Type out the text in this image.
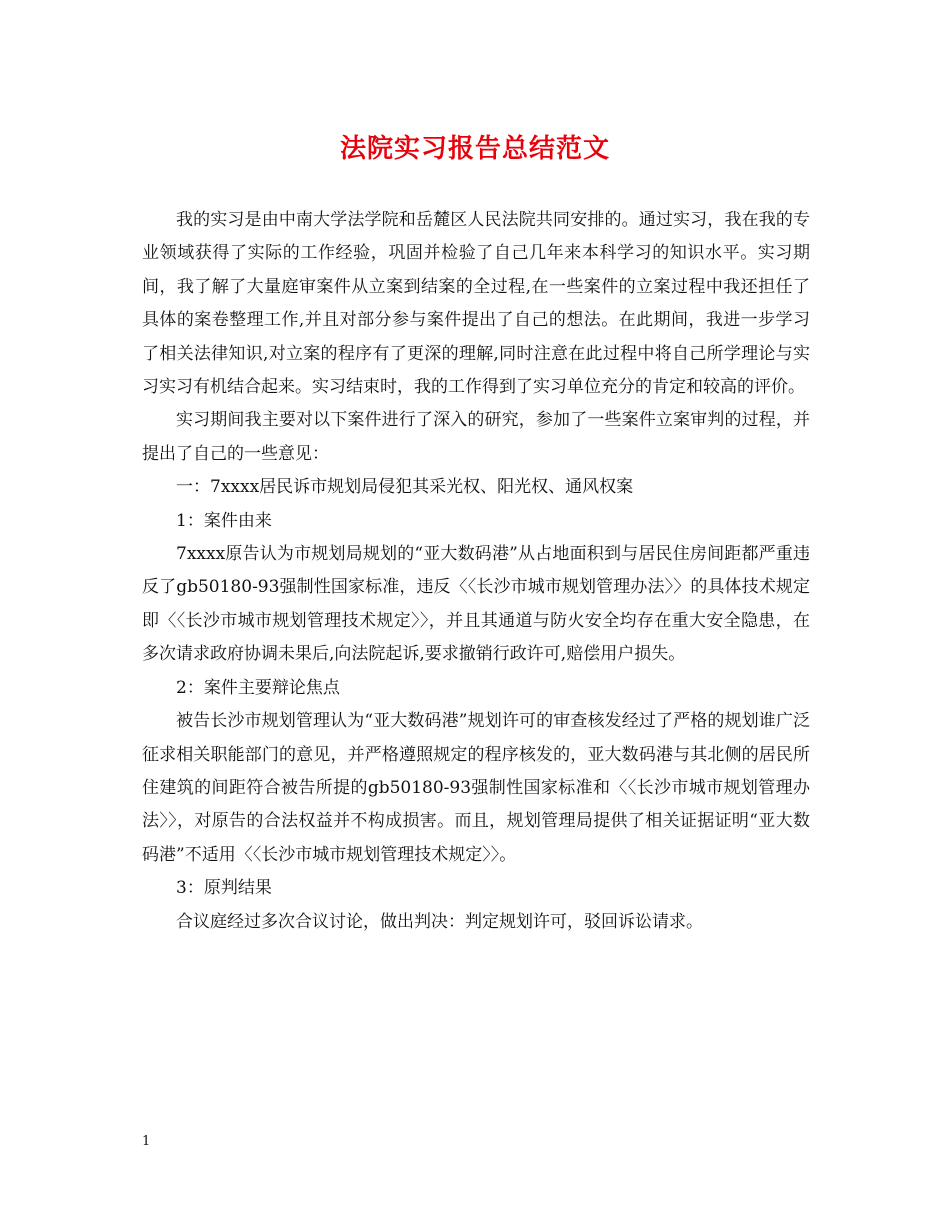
法院实习报告总结范文

我的实习是由中南大学法学院和岳麓区人民法院共同安排的。通过实习，我在我的专业领域获得了实际的工作经验，巩固并检验了自己几年来本科学习的知识水平。实习期间，我了解了大量庭审案件从立案到结案的全过程,在一些案件的立案过程中我还担任了具体的案卷整理工作,并且对部分参与案件提出了自己的想法。在此期间，我进一步学习了相关法律知识,对立案的程序有了更深的理解,同时注意在此过程中将自己所学理论与实习实习有机结合起来。实习结束时，我的工作得到了实习单位充分的肯定和较高的评价。

实习期间我主要对以下案件进行了深入的研究，参加了一些案件立案审判的过程，并提出了自己的一些意见：

一：7xxxx居民诉市规划局侵犯其采光权、阳光权、通风权案

1：案件由来

7xxxx原告认为市规划局规划的“亚大数码港”从占地面积到与居民住房间距都严重违反了gb50180-93强制性国家标准，违反〈〈长沙市城市规划管理办法〉〉的具体技术规定即〈〈长沙市城市规划管理技术规定〉〉，并且其通道与防火安全均存在重大安全隐患，在多次请求政府协调未果后,向法院起诉,要求撤销行政许可,赔偿用户损失。

2：案件主要辩论焦点

被告长沙市规划管理认为“亚大数码港”规划许可的审查核发经过了严格的规划谁广泛征求相关职能部门的意见，并严格遵照规定的程序核发的，亚大数码港与其北侧的居民所住建筑的间距符合被告所提的gb50180-93强制性国家标准和〈〈长沙市城市规划管理办法〉〉，对原告的合法权益并不构成损害。而且，规划管理局提供了相关证据证明“亚大数码港”不适用〈〈长沙市城市规划管理技术规定〉〉。

3：原判结果

合议庭经过多次合议讨论，做出判决：判定规划许可，驳回诉讼请求。

1
